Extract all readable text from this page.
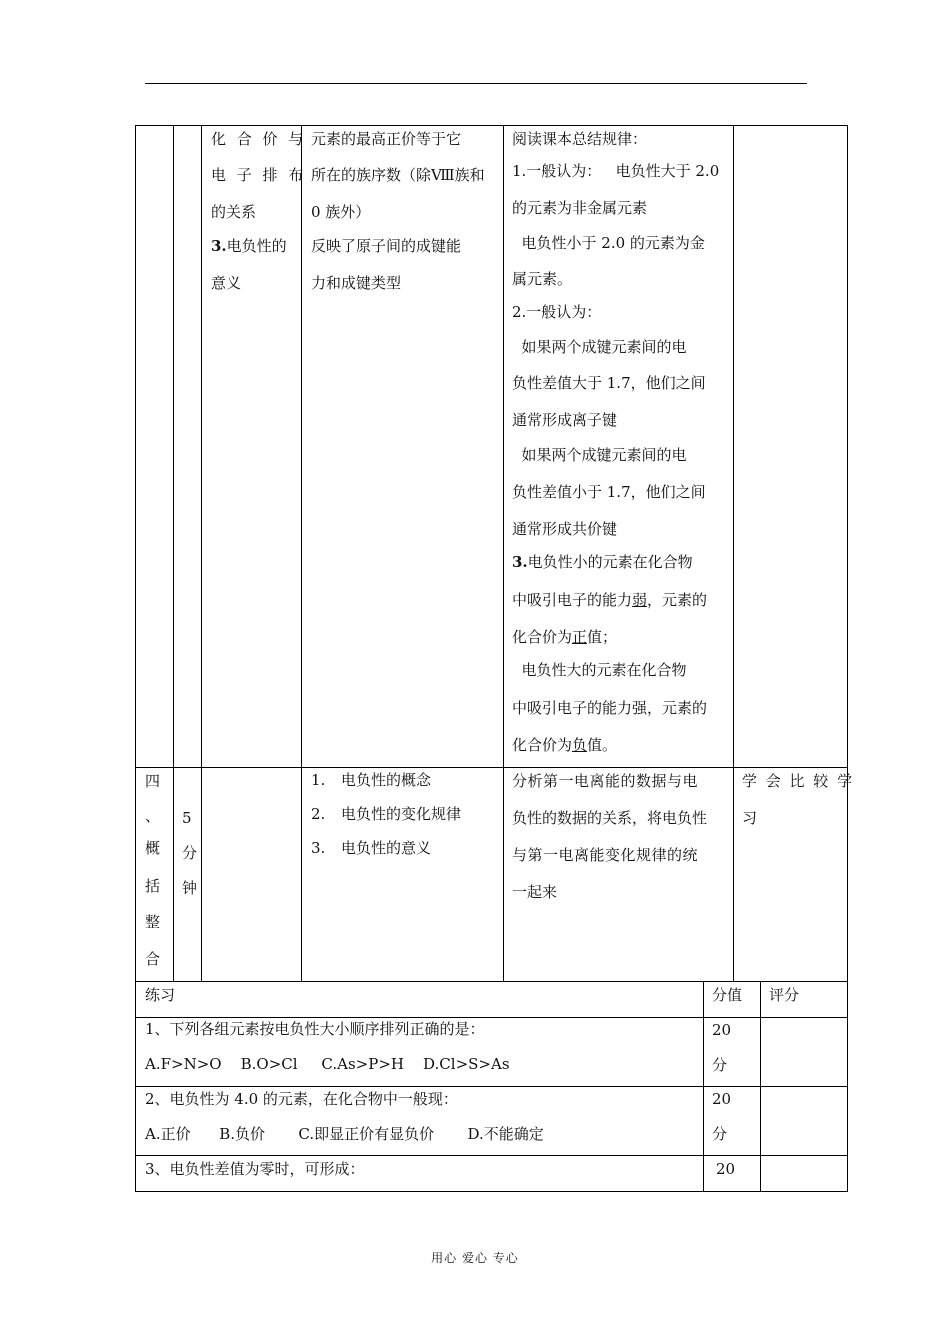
化 合 价 与
电 子 排 布
的关系
3.电负性的
意义
元素的最高正价等于它
所在的族序数（除Ⅷ族和
0 族外）
反映了原子间的成键能
力和成键类型
阅读课本总结规律：
1.一般认为：   电负性大于 2.0
的元素为非金属元素
电负性小于 2.0 的元素为金
属元素。
2.一般认为：
如果两个成键元素间的电
负性差值大于 1.7，他们之间
通常形成离子键
如果两个成键元素间的电
负性差值小于 1.7，他们之间
通常形成共价键
3.电负性小的元素在化合物
中吸引电子的能力弱，元素的
化合价为正值；
电负性大的元素在化合物
中吸引电子的能力强，元素的
化合价为负值。
四
、
概
括
整
合
5
分
钟
1. 电负性的概念
2. 电负性的变化规律
3. 电负性的意义
分析第一电离能的数据与电
负性的数据的关系，将电负性
与第一电离能变化规律的统
一起来
学 会 比 较 学
习
练习	分值 评分
1、下列各组元素按电负性大小顺序排列正确的是：
A.F>N>O    B.O>Cl     C.As>P>H    D.Cl>S>As
20
分
2、电负性为 4.0 的元素，在化合物中一般现：
A.正价      B.负价       C.即显正价有显负价       D.不能确定
20
分
3、电负性差值为零时，可形成：	20
用心 爱心 专心
